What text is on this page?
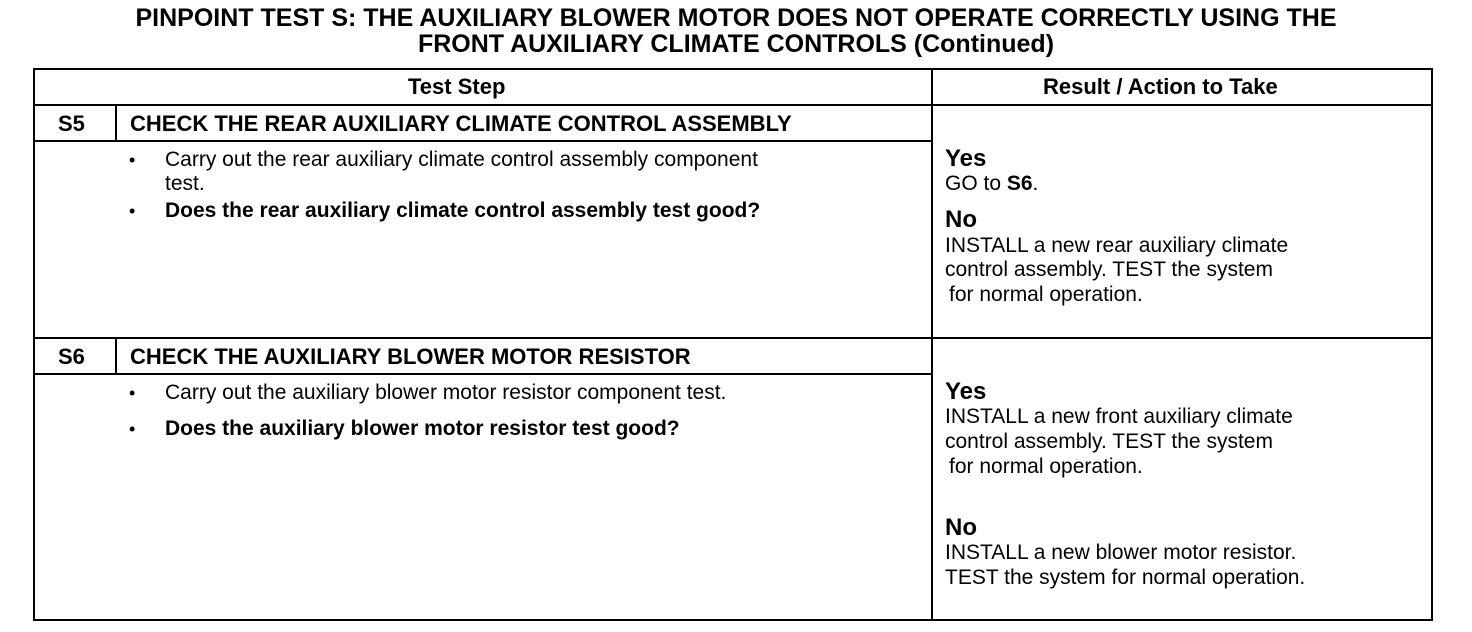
PINPOINT TEST S: THE AUXILIARY BLOWER MOTOR DOES NOT OPERATE CORRECTLY USING THE
FRONT AUXILIARY CLIMATE CONTROLS (Continued)
Test Step	Result / Action to Take
S5 CHECK THE REAR AUXILIARY CLIMATE CONTROL ASSEMBLY
• Carry out the rear auxiliary climate control assembly component
test.
• Does the rear auxiliary climate control assembly test good?
Yes
GO to S6.
No
INSTALL a new rear auxiliary climate
control assembly. TEST the system
for normal operation.
S6 CHECK THE AUXILIARY BLOWER MOTOR RESISTOR
• Carry out the auxiliary blower motor resistor component test.
• Does the auxiliary blower motor resistor test good?
Yes
INSTALL a new front auxiliary climate
control assembly. TEST the system
for normal operation.
No
INSTALL a new blower motor resistor.
TEST the system for normal operation.
